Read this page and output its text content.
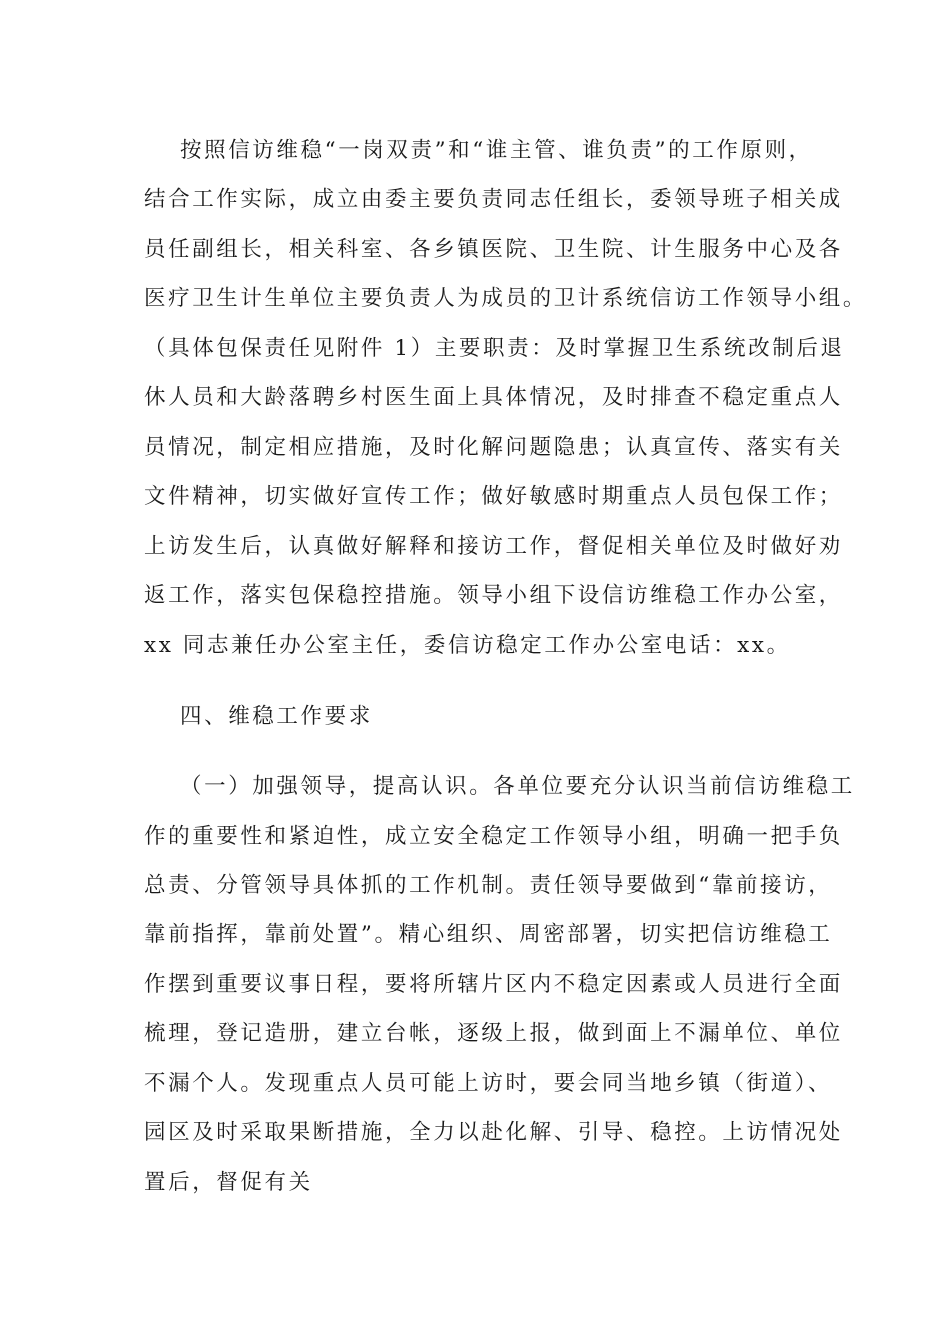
按照信访维稳“一岗双责”和“谁主管、谁负责”的工作原则，
结合工作实际，成立由委主要负责同志任组长，委领导班子相关成
员任副组长，相关科室、各乡镇医院、卫生院、计生服务中心及各
医疗卫生计生单位主要负责人为成员的卫计系统信访工作领导小组。
（具体包保责任见附件 1）主要职责：及时掌握卫生系统改制后退
休人员和大龄落聘乡村医生面上具体情况，及时排查不稳定重点人
员情况，制定相应措施，及时化解问题隐患；认真宣传、落实有关
文件精神，切实做好宣传工作；做好敏感时期重点人员包保工作；
上访发生后，认真做好解释和接访工作，督促相关单位及时做好劝
返工作，落实包保稳控措施。领导小组下设信访维稳工作办公室，
xx 同志兼任办公室主任，委信访稳定工作办公室电话：xx。
四、维稳工作要求
（一）加强领导，提高认识。各单位要充分认识当前信访维稳工
作的重要性和紧迫性，成立安全稳定工作领导小组，明确一把手负
总责、分管领导具体抓的工作机制。责任领导要做到“靠前接访，
靠前指挥，靠前处置”。精心组织、周密部署，切实把信访维稳工
作摆到重要议事日程，要将所辖片区内不稳定因素或人员进行全面
梳理，登记造册，建立台帐，逐级上报，做到面上不漏单位、单位
不漏个人。发现重点人员可能上访时，要会同当地乡镇（街道）、
园区及时采取果断措施，全力以赴化解、引导、稳控。上访情况处
置后，督促有关
